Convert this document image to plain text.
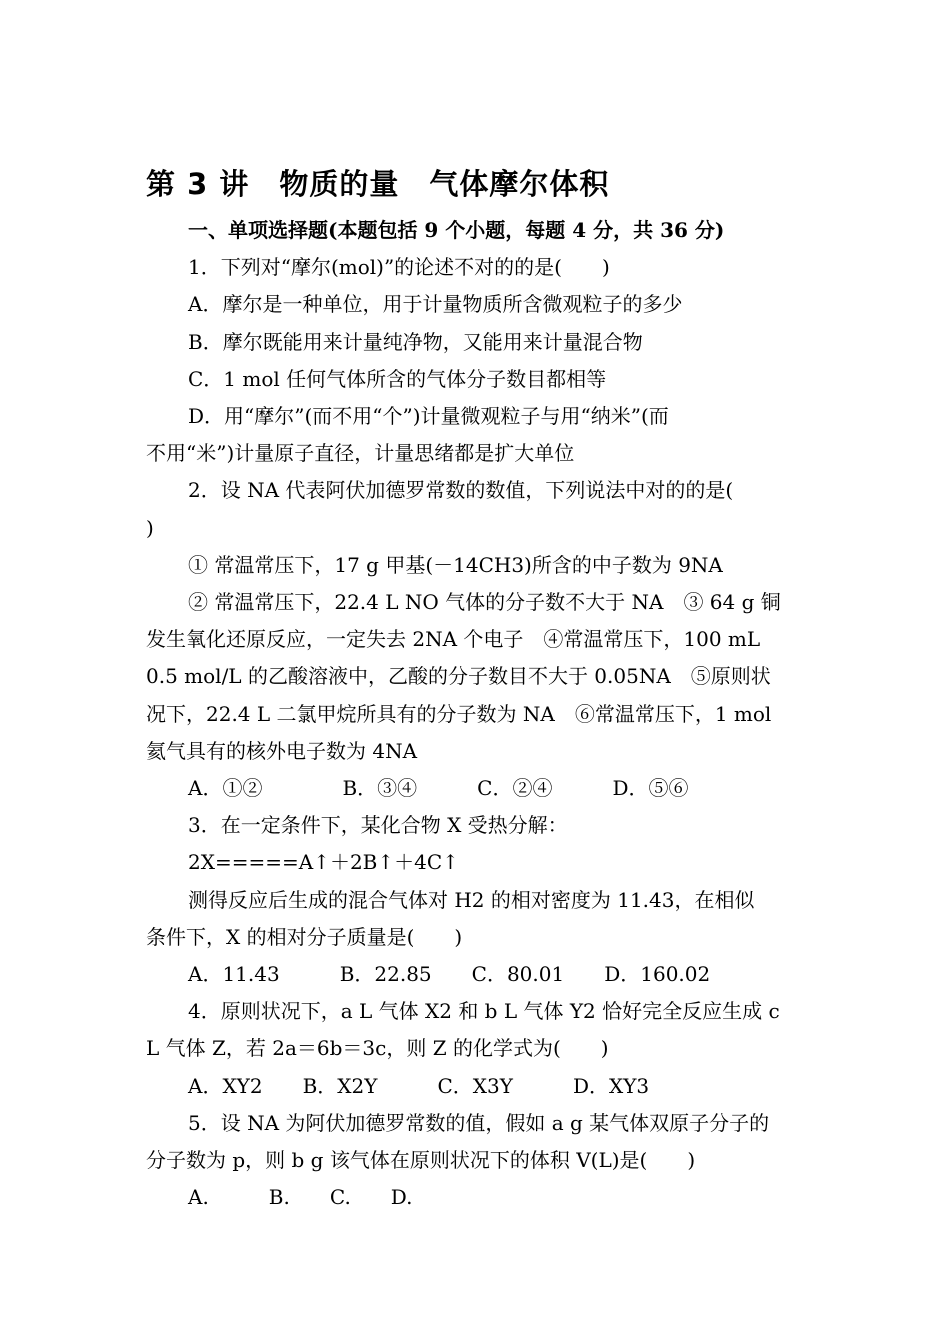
第 3 讲　物质的量　气体摩尔体积
一、单项选择题(本题包括 9 个小题，每题 4 分，共 36 分)
1．下列对“摩尔(mol)”的论述不对的的是(　　)
A．摩尔是一种单位，用于计量物质所含微观粒子的多少
B．摩尔既能用来计量纯净物，又能用来计量混合物
C．1 mol 任何气体所含的气体分子数目都相等
D．用“摩尔”(而不用“个”)计量微观粒子与用“纳米”(而
不用“米”)计量原子直径，计量思绪都是扩大单位
2．设 NA 代表阿伏加德罗常数的数值，下列说法中对的的是(
)
① 常温常压下，17 g 甲基(－14CH3)所含的中子数为 9NA
② 常温常压下，22.4 L NO 气体的分子数不大于 NA　③ 64 g 铜
发生氧化还原反应，一定失去 2NA 个电子　④常温常压下，100 mL
0.5 mol/L 的乙酸溶液中，乙酸的分子数目不大于 0.05NA　⑤原则状
况下，22.4 L 二氯甲烷所具有的分子数为 NA　⑥常温常压下，1 mol
氦气具有的核外电子数为 4NA
A．①②　　　　B．③④　　　C．②④　　　D．⑤⑥
3．在一定条件下，某化合物 X 受热分解：
2X=====A↑＋2B↑＋4C↑
测得反应后生成的混合气体对 H2 的相对密度为 11.43，在相似
条件下，X 的相对分子质量是(　　)
A．11.43　　　B．22.85　　C．80.01　　D．160.02
4．原则状况下，a L 气体 X2 和 b L 气体 Y2 恰好完全反应生成 c
L 气体 Z，若 2a＝6b＝3c，则 Z 的化学式为(　　)
A．XY2　　B．X2Y　　　C．X3Y　　　D．XY3
5．设 NA 为阿伏加德罗常数的值，假如 a g 某气体双原子分子的
分子数为 p，则 b g 该气体在原则状况下的体积 V(L)是(　　)
A.　　　B.　　C.　　D.
